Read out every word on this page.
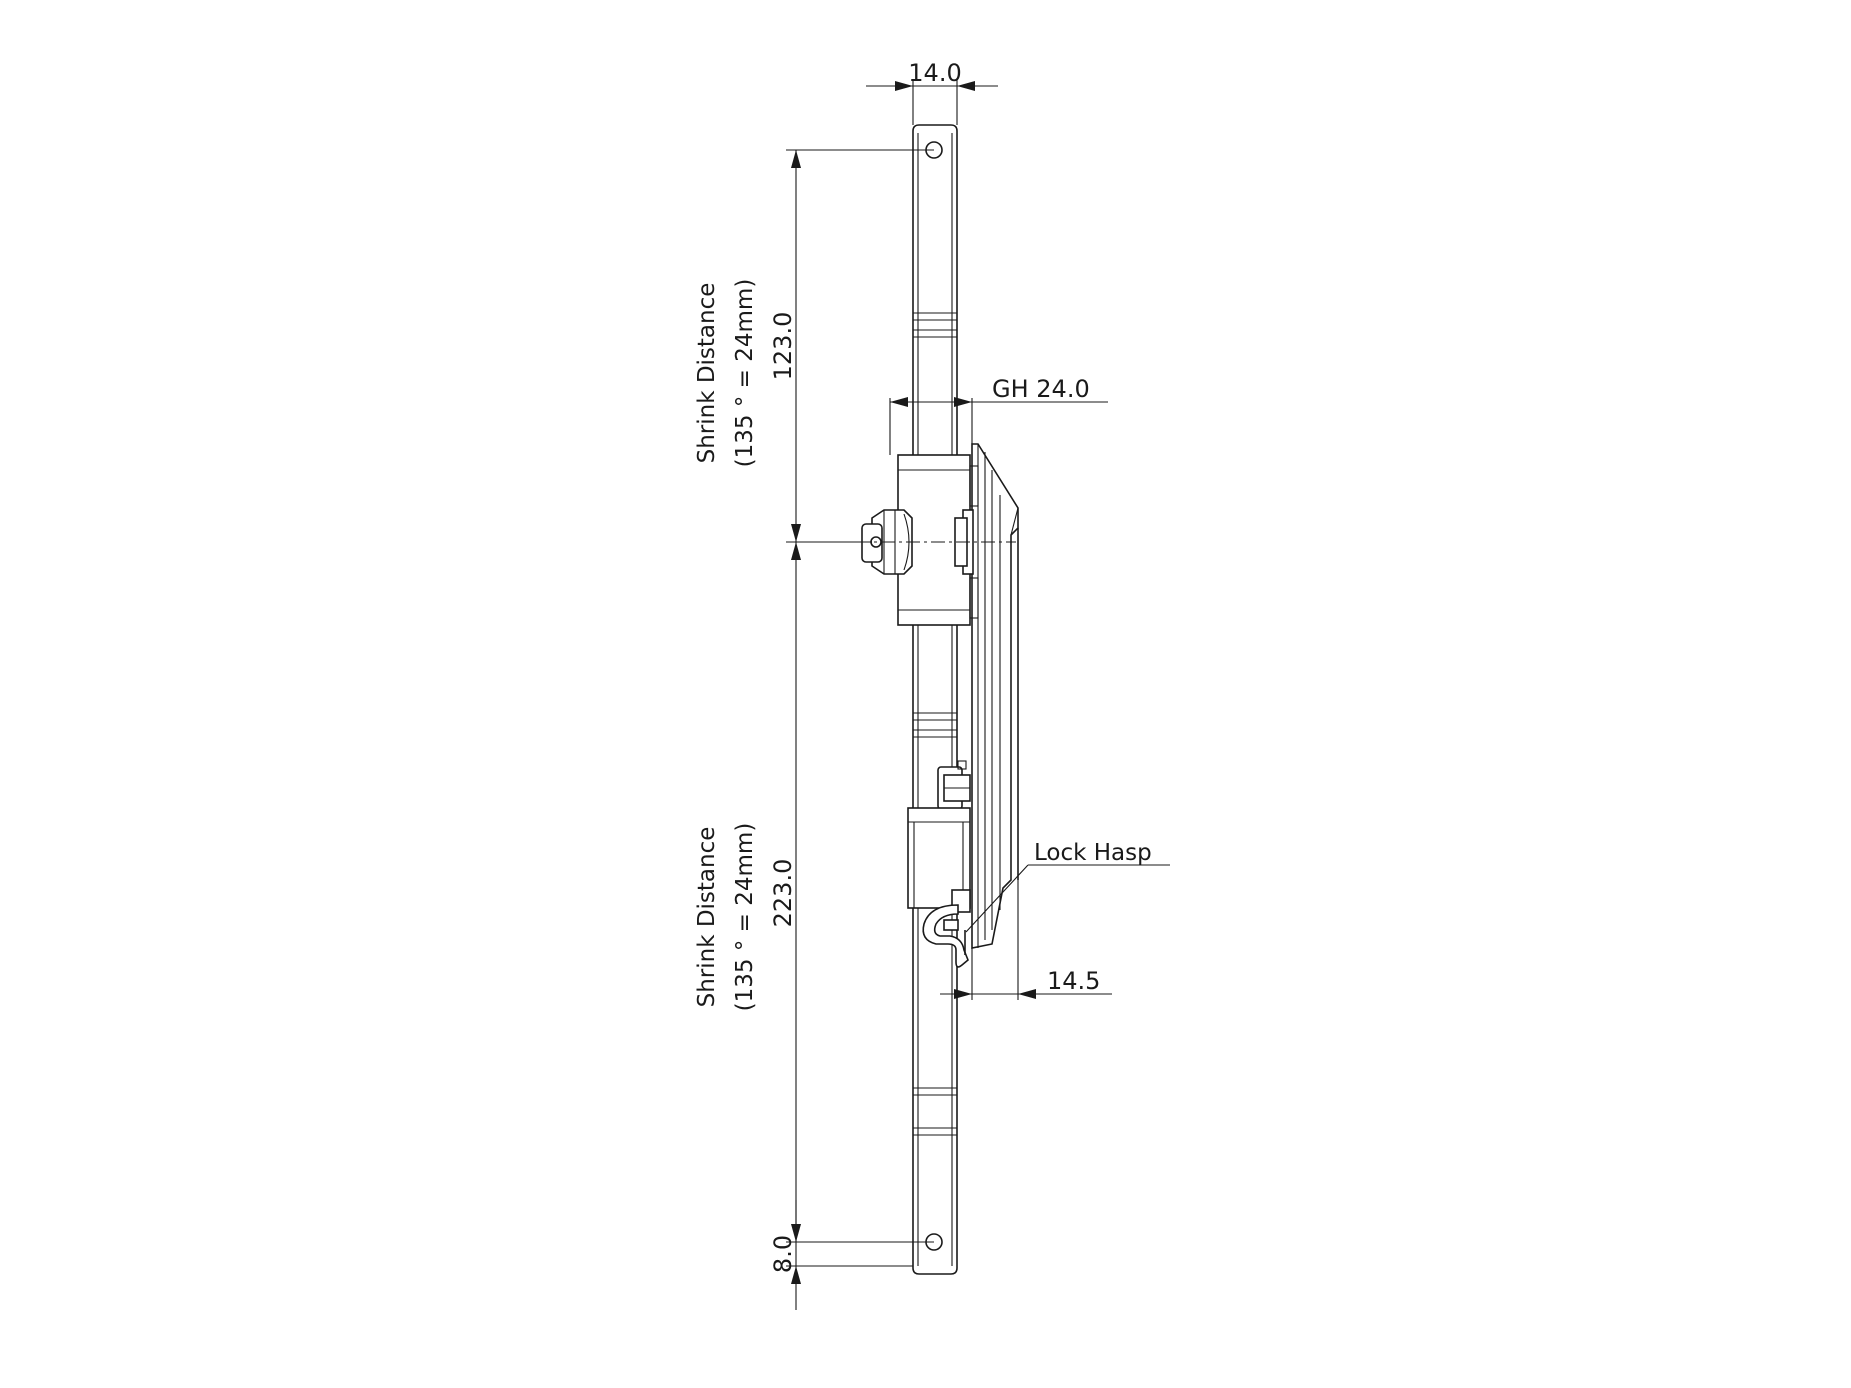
14.0
GH 24.0
123.0
223.0
8.0
Shrink Distance (135 ° = 24mm)
Shrink Distance (135 ° = 24mm)	Lock Hasp
14.5
